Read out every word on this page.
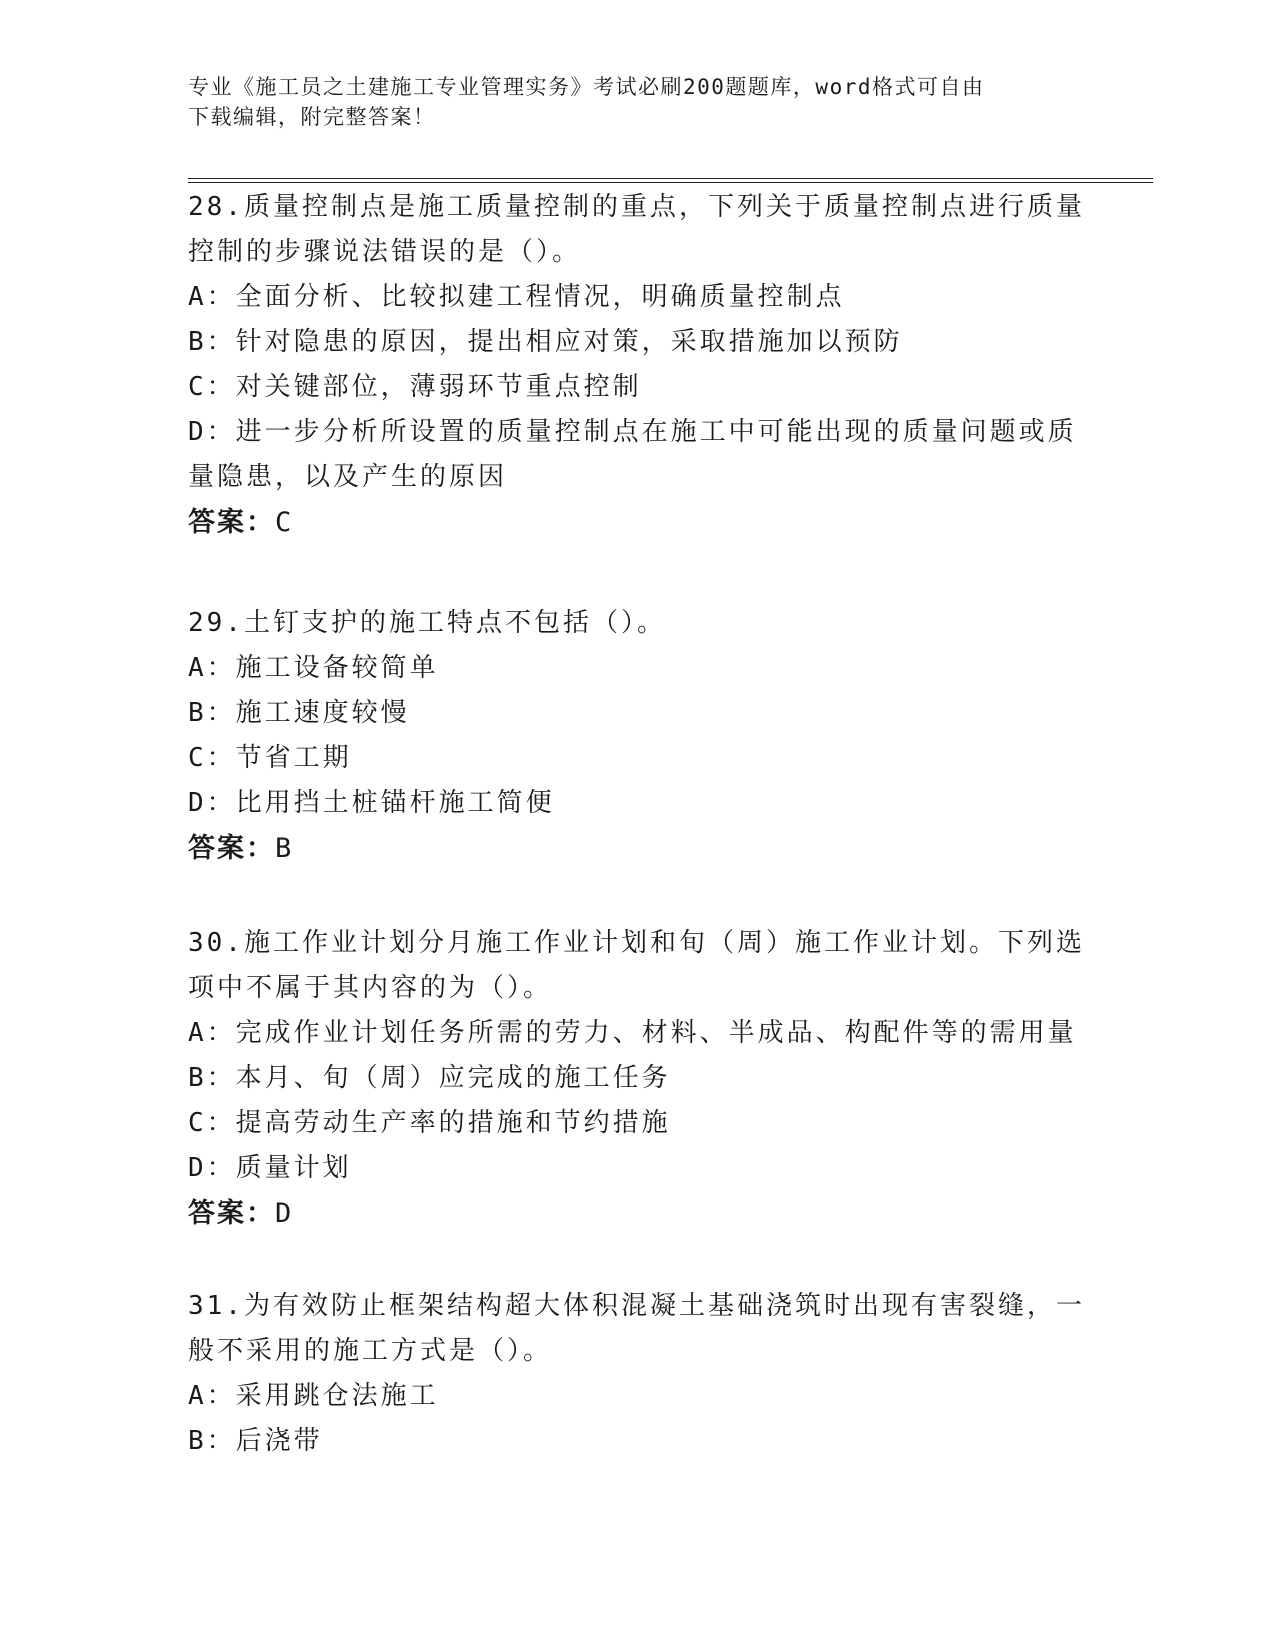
专业《施工员之土建施工专业管理实务》考试必刷200题题库，word格式可自由
下载编辑，附完整答案！
28.质量控制点是施工质量控制的重点，下列关于质量控制点进行质量
控制的步骤说法错误的是（）。
A：全面分析、比较拟建工程情况，明确质量控制点
B：针对隐患的原因，提出相应对策，采取措施加以预防
C：对关键部位，薄弱环节重点控制
D：进一步分析所设置的质量控制点在施工中可能出现的质量问题或质
量隐患，以及产生的原因
答案：C
29.土钉支护的施工特点不包括（）。
A：施工设备较简单
B：施工速度较慢
C：节省工期
D：比用挡土桩锚杆施工简便
答案：B
30.施工作业计划分月施工作业计划和旬（周）施工作业计划。下列选
项中不属于其内容的为（）。
A：完成作业计划任务所需的劳力、材料、半成品、构配件等的需用量
B：本月、旬（周）应完成的施工任务
C：提高劳动生产率的措施和节约措施
D：质量计划
答案：D
31.为有效防止框架结构超大体积混凝土基础浇筑时出现有害裂缝，一
般不采用的施工方式是（）。
A：采用跳仓法施工
B：后浇带
